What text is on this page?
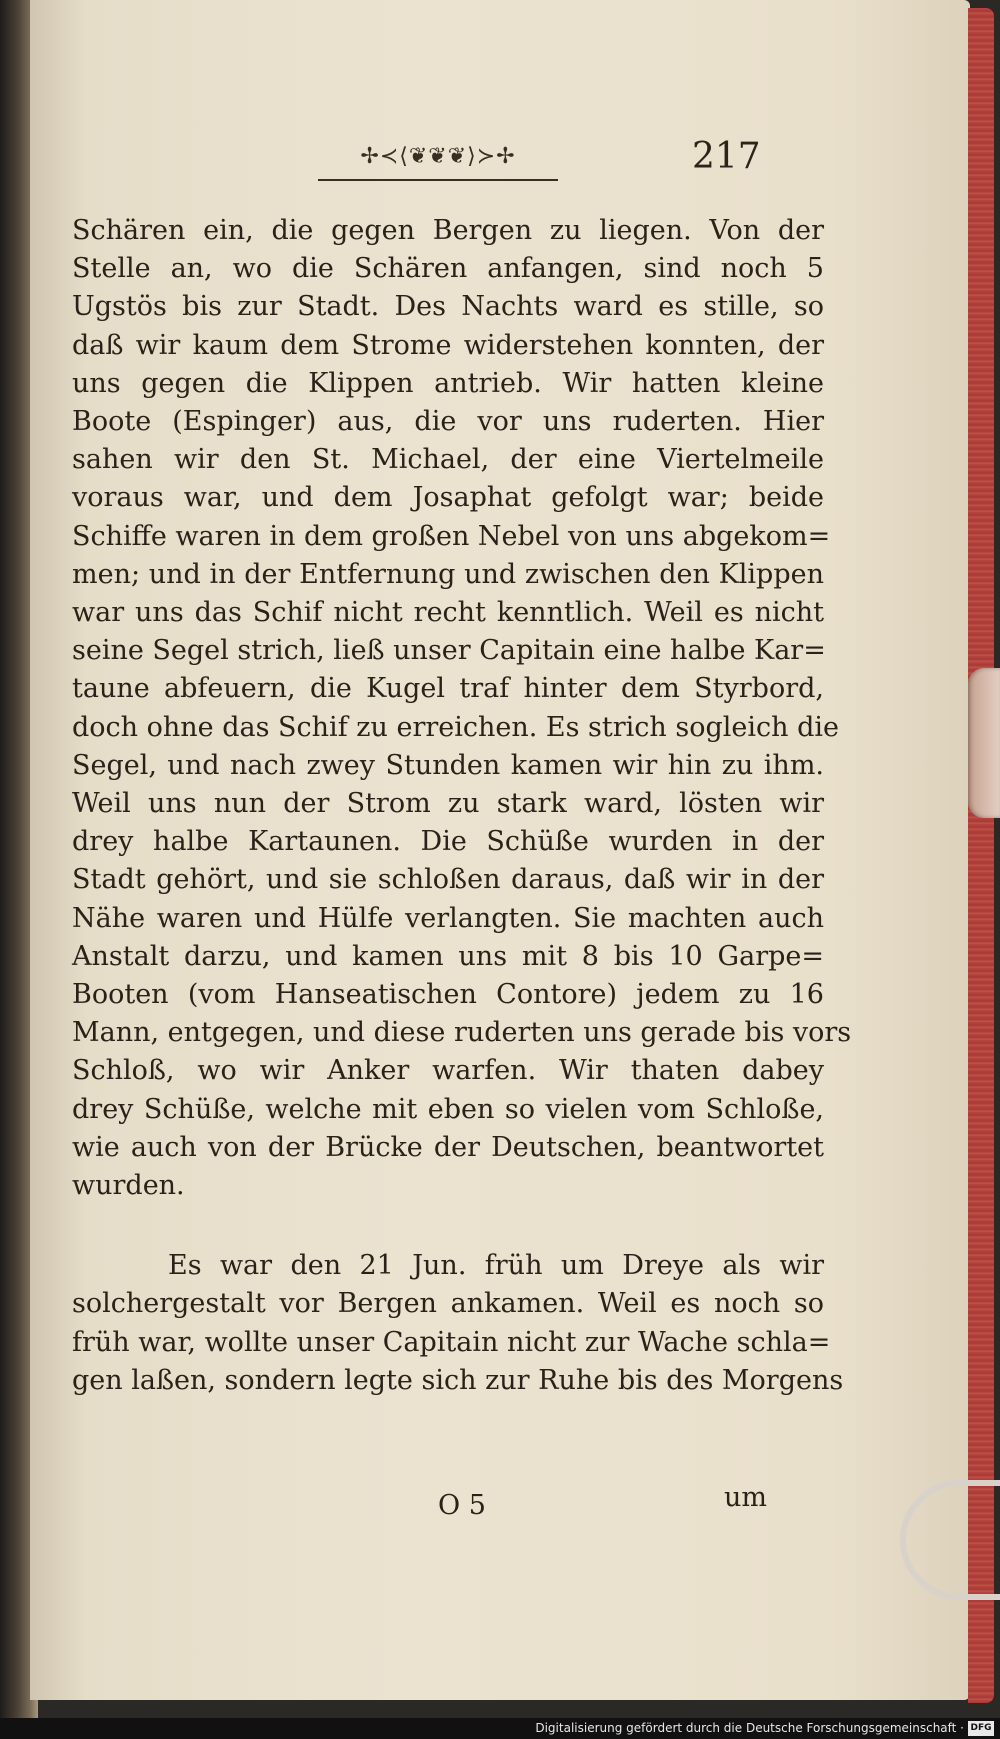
✢≺⟨❦❦❦⟩≻✢	217

Schären ein, die gegen Bergen zu liegen. Von der
Stelle an, wo die Schären anfangen, sind noch 5
Ugstös bis zur Stadt. Des Nachts ward es stille, so
daß wir kaum dem Strome widerstehen konnten, der
uns gegen die Klippen antrieb. Wir hatten kleine
Boote (Espinger) aus, die vor uns ruderten. Hier
sahen wir den St. Michael, der eine Viertelmeile
voraus war, und dem Josaphat gefolgt war; beide
Schiffe waren in dem großen Nebel von uns abgekom=
men; und in der Entfernung und zwischen den Klippen
war uns das Schif nicht recht kenntlich. Weil es nicht
seine Segel strich, ließ unser Capitain eine halbe Kar=
taune abfeuern, die Kugel traf hinter dem Styrbord,
doch ohne das Schif zu erreichen. Es strich sogleich die
Segel, und nach zwey Stunden kamen wir hin zu ihm.
Weil uns nun der Strom zu stark ward, lösten wir
drey halbe Kartaunen. Die Schüße wurden in der
Stadt gehört, und sie schloßen daraus, daß wir in der
Nähe waren und Hülfe verlangten. Sie machten auch
Anstalt darzu, und kamen uns mit 8 bis 10 Garpe=
Booten (vom Hanseatischen Contore) jedem zu 16
Mann, entgegen, und diese ruderten uns gerade bis vors
Schloß, wo wir Anker warfen. Wir thaten dabey
drey Schüße, welche mit eben so vielen vom Schloße,
wie auch von der Brücke der Deutschen, beantwortet
wurden.

Es war den 21 Jun. früh um Dreye als wir
solchergestalt vor Bergen ankamen. Weil es noch so
früh war, wollte unser Capitain nicht zur Wache schla=
gen laßen, sondern legte sich zur Ruhe bis des Morgens

O 5	um
Digitalisierung gefördert durch die Deutsche Forschungsgemeinschaft · DFG
